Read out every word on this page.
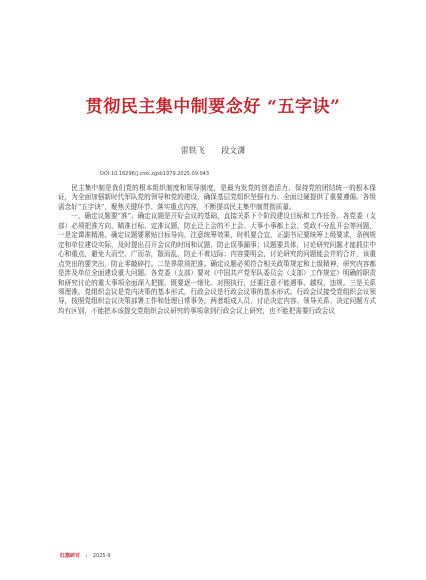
贯彻民主集中制要念好 “五字诀”
雷铁飞 段文潇
DOI:10.16296/j.cnki.zgxk1979.2025.09.043

民主集中制是我们党的根本组织制度和领导制度，是最为发党的创造活力、保持党的团结统一的根本保证，为全面加强新时代军队党的领导和党的建设、确保基层党组织坚强有力、全面过硬提供了重要遵循。各级需念好“五字诀”，聚焦关键环节、落实重点内容，不断提高民主集中制贯彻质量。

一、确定议题要“准”。确定议题是开好会议的基础，直接关系下个阶段建设目标和工作任务。各党委（支部）必须把准方向、瞄准目标、定准议题，防止泛上会的不上会、大事小事都上会、党政不分乱开会等问题，一是定课准精准。确定议题要紧贴目标导向，注意统筹效果，时机要合宜，正副书记要统筹上级要求，条例规定和单位建设实际，及时提出召开会议的时间和议题，防止误事漏事；议题要具体，讨论研究问题才能抓住中心和重点，避免大而空、广而杂，散而乱，防止不着边际；内容要明会，讨论研究的问题能会并的合并，该重点突出的要突出，防止零敲碎打。二是界限须把准。确定议题必须符合相关政策规定和上级精神，研究内容都是涉及单位全面建设重大问题。各党委（支部）要对《中国共产党军队委员会（支部）工作规定》明确的职责和研究讨论的重大事项全面深入把握，既要逐一细化、对照执行，还要注意不能遇事、越权、违规。三是关系须理准。党组织会议是党内决策的基本形式，行政会议是行政会议事的基本形式。行政会议接受党组织会议领导，按照党组织会议决策部署工作和处理日常事务。两者组成人员、讨论决定内容、领导关系、决定问题方式均有区别，不能把本该提交党组织会议研究的事项拿到行政会议上研究，也不能把需要行政会议

红旗研讨 | 2025·9
